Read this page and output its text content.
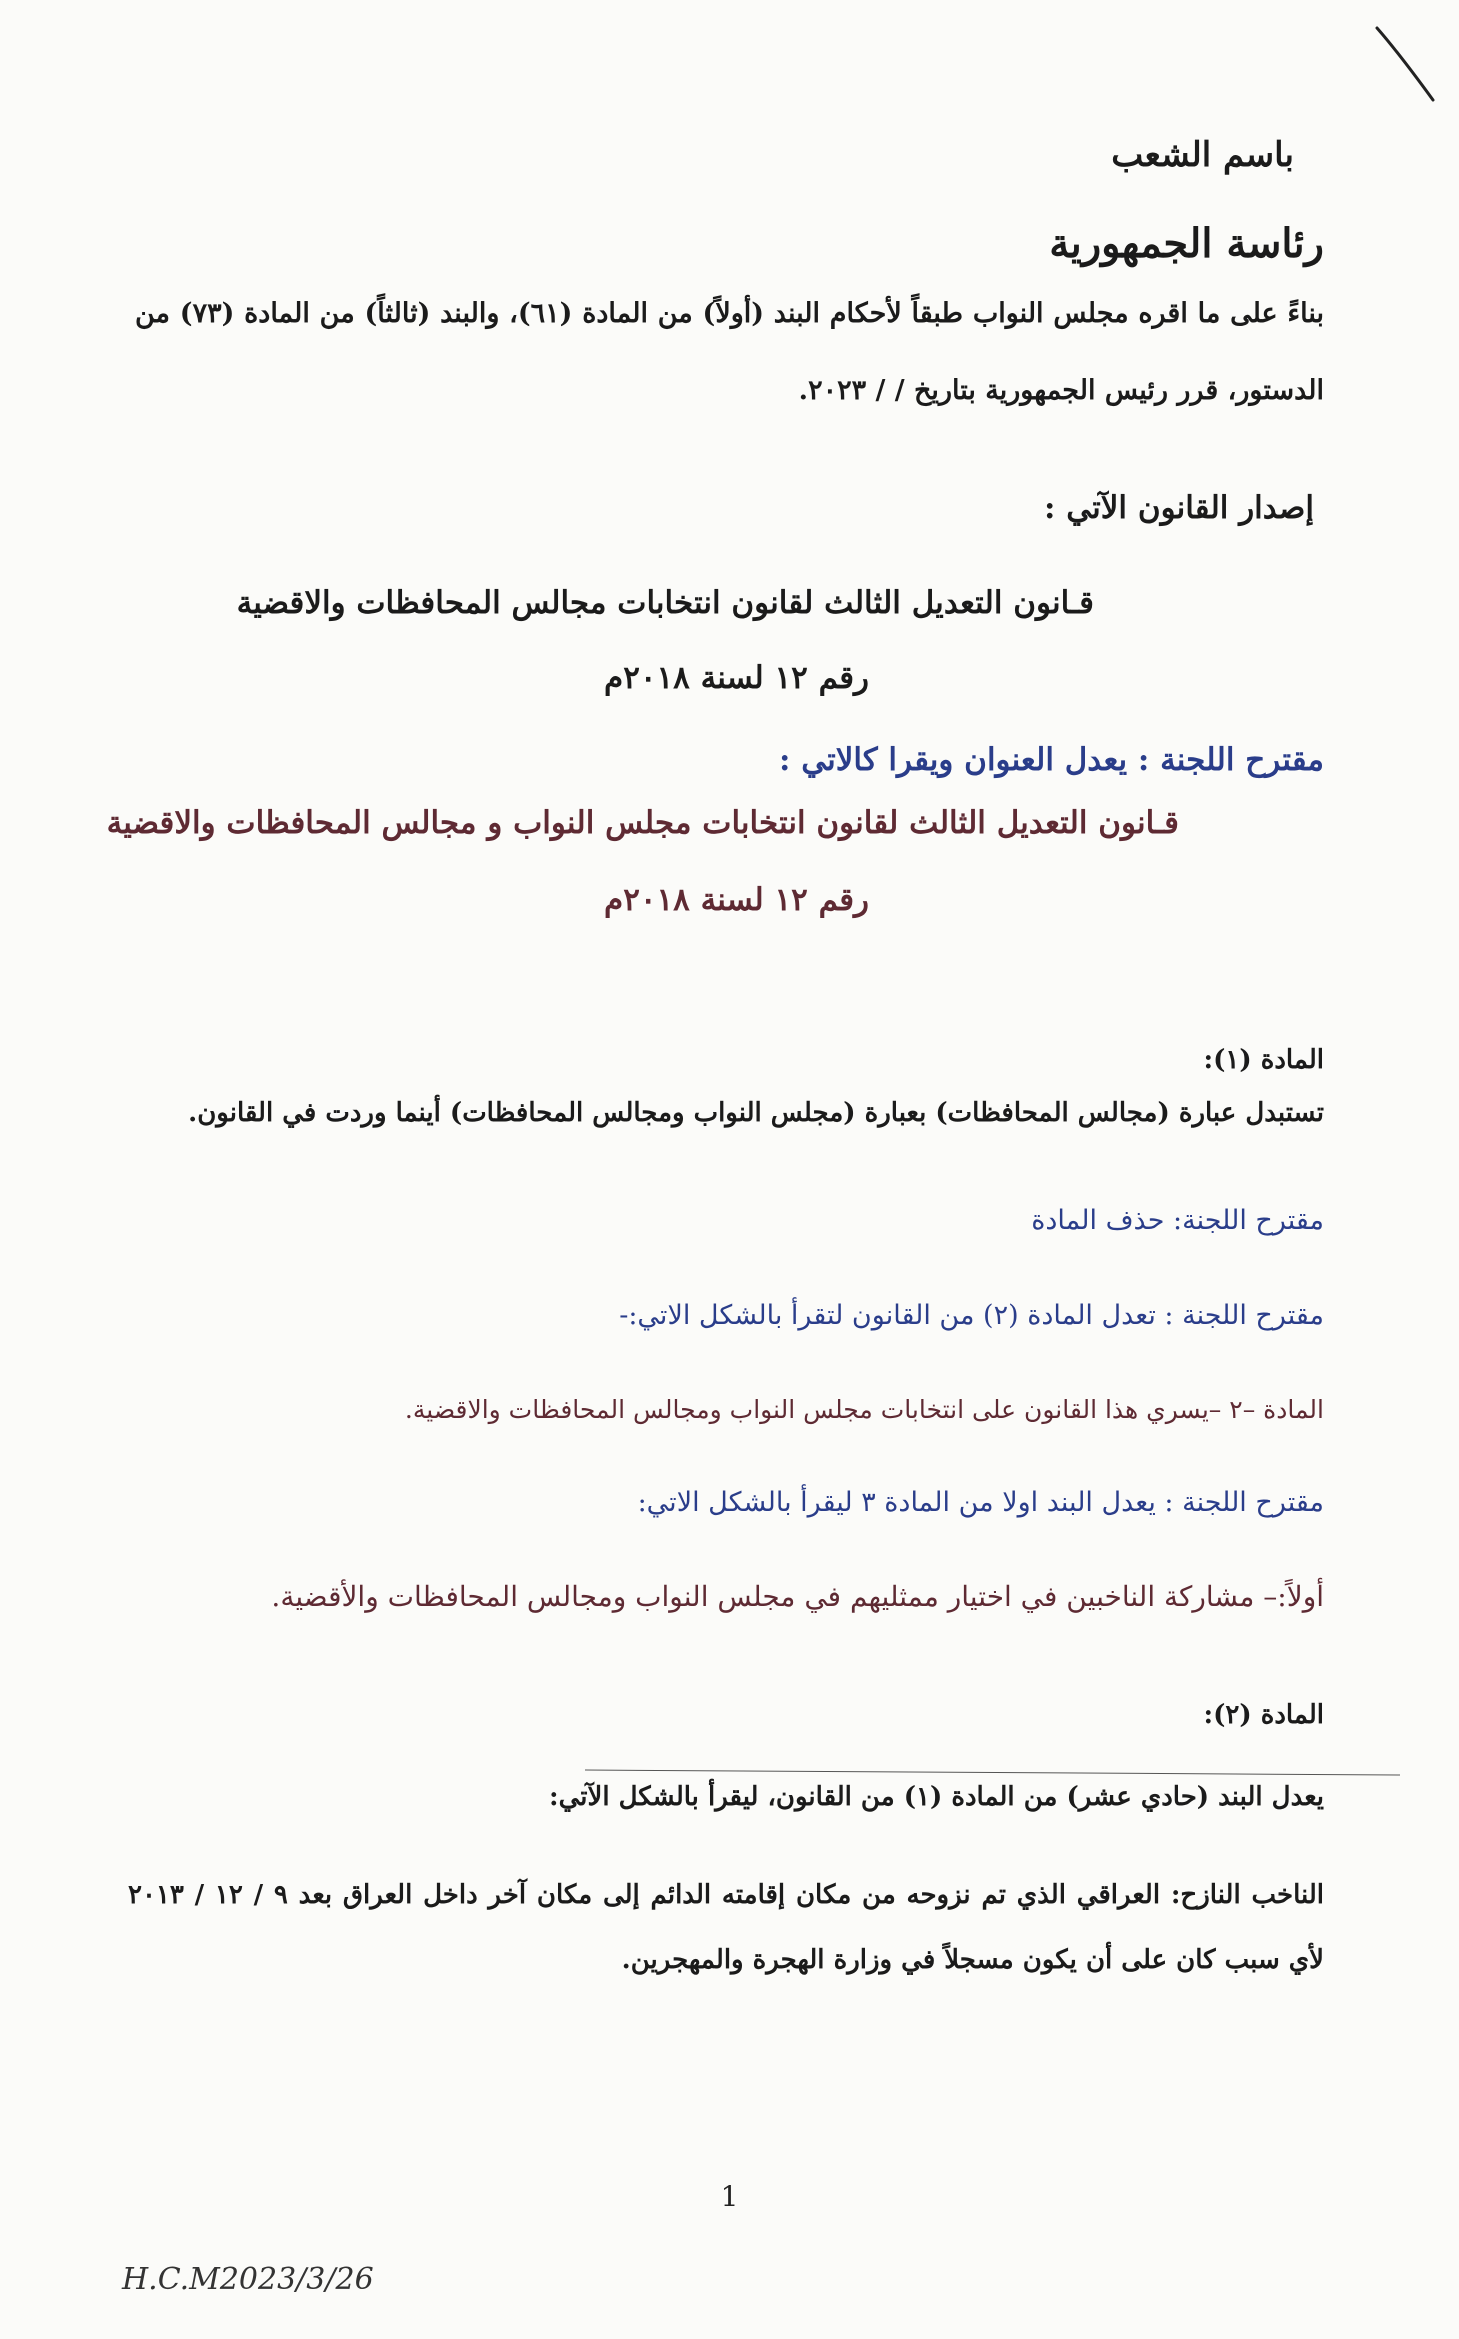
باسم الشعب
رئاسة الجمهورية
بناءً على ما اقره مجلس النواب طبقاً لأحكام البند (أولاً) من المادة (٦١)، والبند (ثالثاً) من المادة (٧٣) من
الدستور، قرر رئيس الجمهورية بتاريخ / / ٢٠٢٣.
إصدار القانون الآتي :
قـانون التعديل الثالث لقانون انتخابات مجالس المحافظات والاقضية
رقم ١٢ لسنة ٢٠١٨م
مقترح اللجنة : يعدل العنوان ويقرا كالاتي :
قـانون التعديل الثالث لقانون انتخابات مجلس النواب و مجالس المحافظات والاقضية
رقم ١٢ لسنة ٢٠١٨م
المادة (١):
تستبدل عبارة (مجالس المحافظات) بعبارة (مجلس النواب ومجالس المحافظات) أينما وردت في القانون.
مقترح اللجنة: حذف المادة
مقترح اللجنة : تعدل المادة (٢) من القانون لتقرأ بالشكل الاتي:-
المادة –٢ –يسري هذا القانون على انتخابات مجلس النواب ومجالس المحافظات والاقضية.
مقترح اللجنة : يعدل البند اولا من المادة ٣ ليقرأ بالشكل الاتي:
أولاً:– مشاركة الناخبين في اختيار ممثليهم في مجلس النواب ومجالس المحافظات والأقضية.
المادة (٢):
يعدل البند (حادي عشر) من المادة (١) من القانون، ليقرأ بالشكل الآتي:
الناخب النازح: العراقي الذي تم نزوحه من مكان إقامته الدائم إلى مكان آخر داخل العراق بعد ٩ / ١٢ / ٢٠١٣
لأي سبب كان على أن يكون مسجلاً في وزارة الهجرة والمهجرين.
1
H.C.M2023/3/26
